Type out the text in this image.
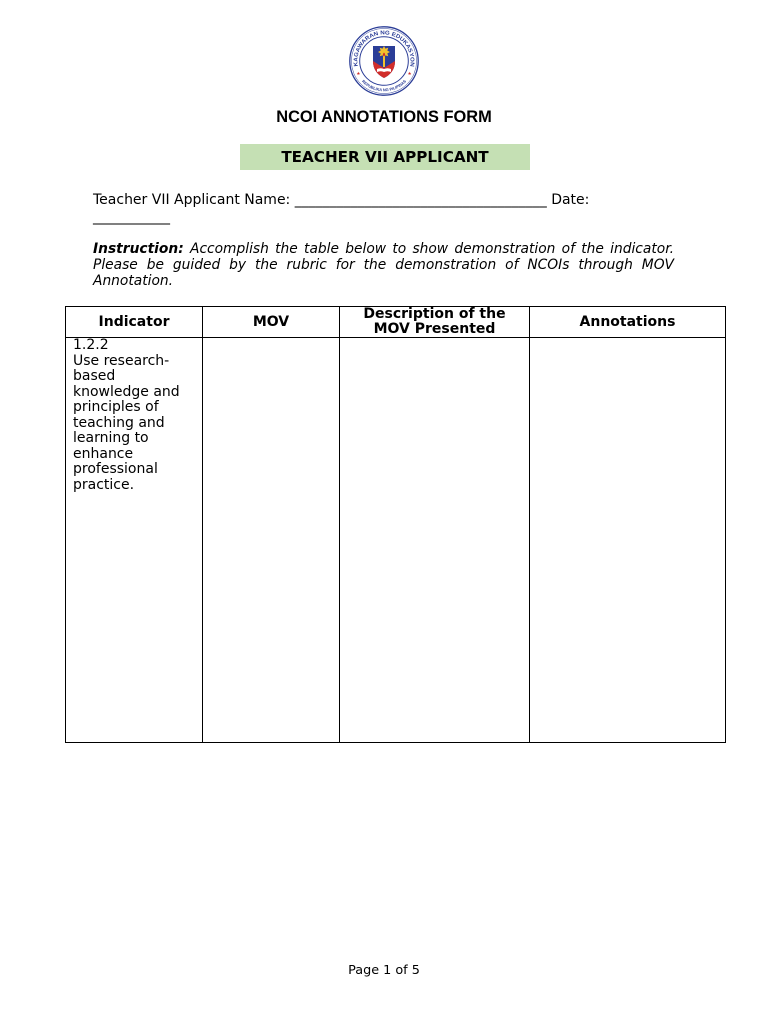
KAGAWARAN NG EDUKASYON
REPUBLIKA NG PILIPINAS
NCOI ANNOTATIONS FORM
TEACHER VII APPLICANT
Teacher VII Applicant Name: ____________________________________ Date:
___________

Instruction: Accomplish the table below to show demonstration of the indicator. Please be guided by the rubric for the demonstration of NCOIs through MOV Annotation.

Indicator	MOV	Description of the MOV Presented	Annotations

1.2.2
Use research-based knowledge and principles of teaching and learning to enhance professional practice.			

Page 1 of 5
